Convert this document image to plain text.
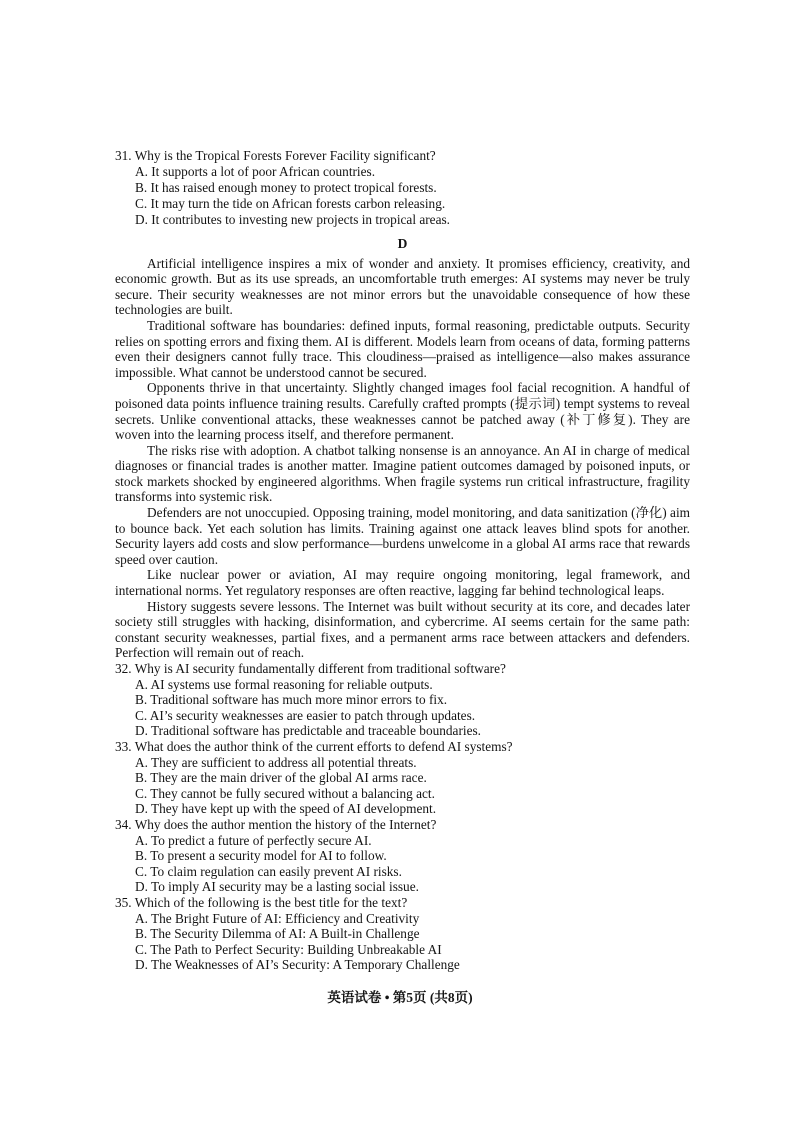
31. Why is the Tropical Forests Forever Facility significant?

A. It supports a lot of poor African countries.
B. It has raised enough money to protect tropical forests.
C. It may turn the tide on African forests carbon releasing.
D. It contributes to investing new projects in tropical areas.
D

Artificial intelligence inspires a mix of wonder and anxiety. It promises efficiency, creativity, and economic growth. But as its use spreads, an uncomfortable truth emerges: AI systems may never be truly secure. Their security weaknesses are not minor errors but the unavoidable consequence of how these technologies are built.

Traditional software has boundaries: defined inputs, formal reasoning, predictable outputs. Security relies on spotting errors and fixing them. AI is different. Models learn from oceans of data, forming patterns even their designers cannot fully trace. This cloudiness—praised as intelligence—also makes assurance impossible. What cannot be understood cannot be secured.

Opponents thrive in that uncertainty. Slightly changed images fool facial recognition. A handful of poisoned data points influence training results. Carefully crafted prompts (提示词) tempt systems to reveal secrets. Unlike conventional attacks, these weaknesses cannot be patched away (补丁修复). They are woven into the learning process itself, and therefore permanent.

The risks rise with adoption. A chatbot talking nonsense is an annoyance. An AI in charge of medical diagnoses or financial trades is another matter. Imagine patient outcomes damaged by poisoned inputs, or stock markets shocked by engineered algorithms. When fragile systems run critical infrastructure, fragility transforms into systemic risk.

Defenders are not unoccupied. Opposing training, model monitoring, and data sanitization (净化) aim to bounce back. Yet each solution has limits. Training against one attack leaves blind spots for another. Security layers add costs and slow performance—burdens unwelcome in a global AI arms race that rewards speed over caution.

Like nuclear power or aviation, AI may require ongoing monitoring, legal framework, and international norms. Yet regulatory responses are often reactive, lagging far behind technological leaps.

History suggests severe lessons. The Internet was built without security at its core, and decades later society still struggles with hacking, disinformation, and cybercrime. AI seems certain for the same path: constant security weaknesses, partial fixes, and a permanent arms race between attackers and defenders. Perfection will remain out of reach.

32. Why is AI security fundamentally different from traditional software?

A. AI systems use formal reasoning for reliable outputs.
B. Traditional software has much more minor errors to fix.
C. AI’s security weaknesses are easier to patch through updates.
D. Traditional software has predictable and traceable boundaries.

33. What does the author think of the current efforts to defend AI systems?

A. They are sufficient to address all potential threats.
B. They are the main driver of the global AI arms race.
C. They cannot be fully secured without a balancing act.
D. They have kept up with the speed of AI development.

34. Why does the author mention the history of the Internet?

A. To predict a future of perfectly secure AI.
B. To present a security model for AI to follow.
C. To claim regulation can easily prevent AI risks.
D. To imply AI security may be a lasting social issue.

35. Which of the following is the best title for the text?

A. The Bright Future of AI: Efficiency and Creativity
B. The Security Dilemma of AI: A Built-in Challenge
C. The Path to Perfect Security: Building Unbreakable AI
D. The Weaknesses of AI’s Security: A Temporary Challenge
英语试卷 • 第5页 (共8页)
